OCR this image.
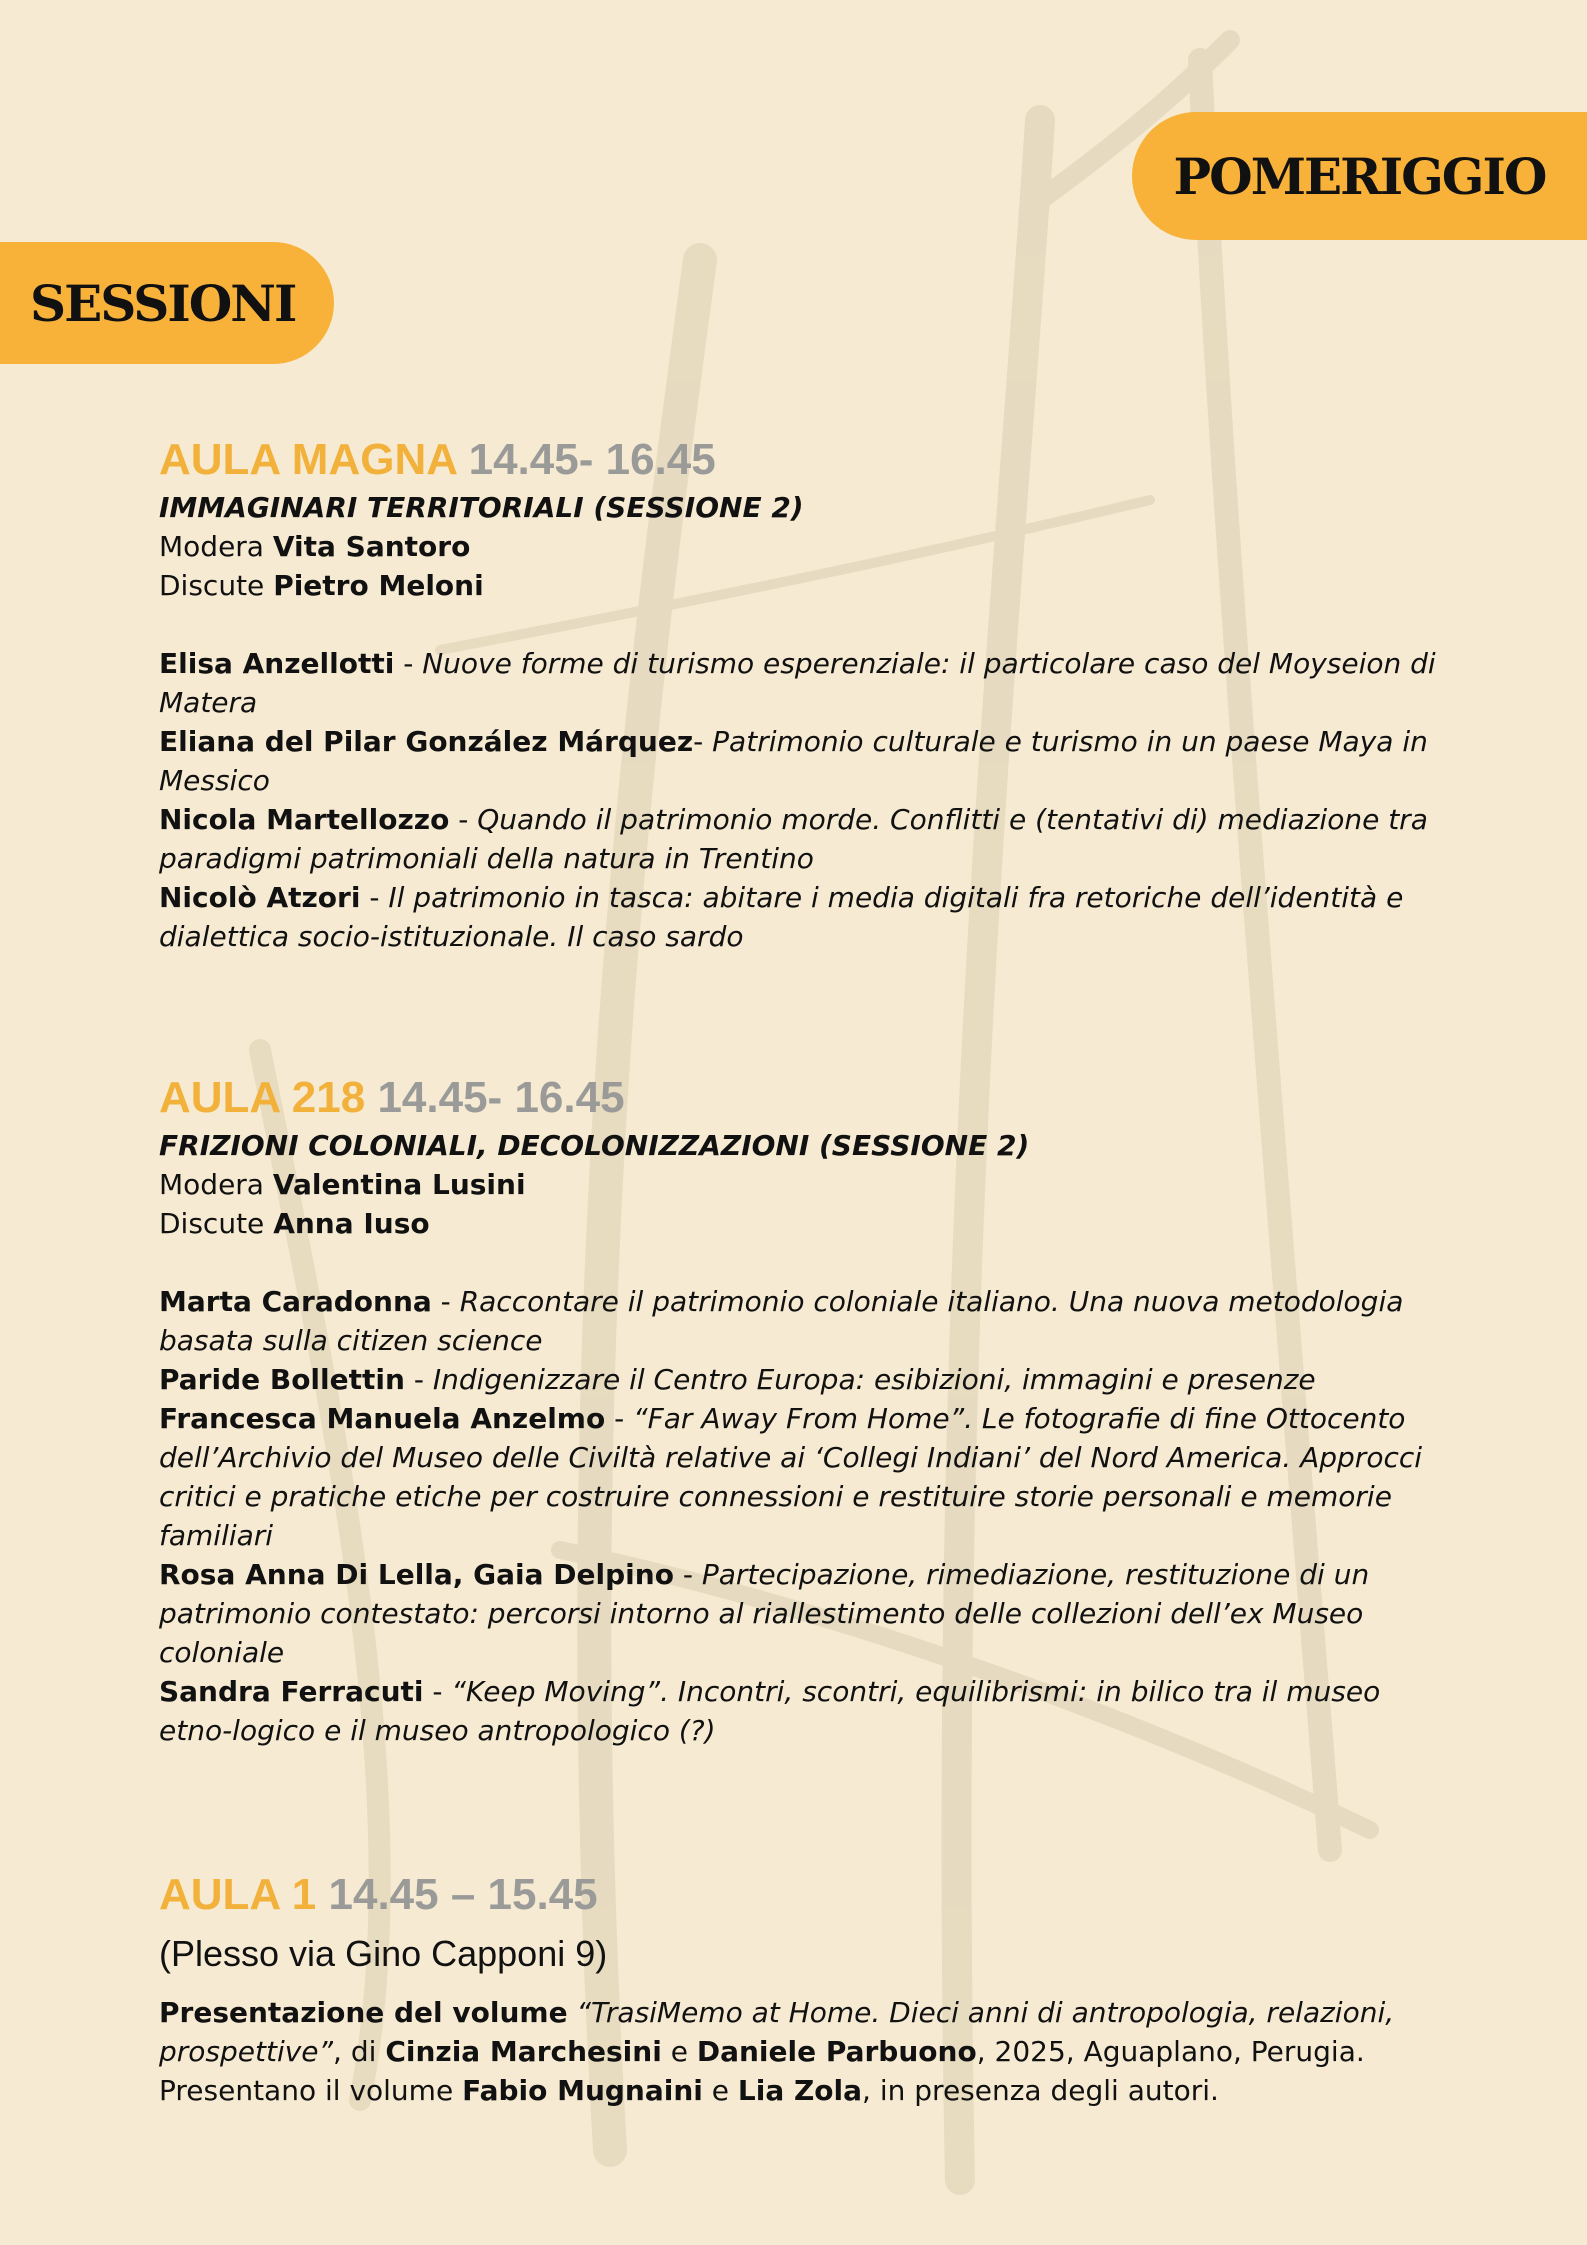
POMERIGGIO
SESSIONI
AULA MAGNA 14.45- 16.45
IMMAGINARI TERRITORIALI (SESSIONE 2)
Modera Vita Santoro
Discute Pietro Meloni
Elisa Anzellotti - Nuove forme di turismo esperenziale: il particolare caso del Moyseion di Matera
Eliana del Pilar González Márquez- Patrimonio culturale e turismo in un paese Maya in Messico
Nicola Martellozzo - Quando il patrimonio morde. Conflitti e (tentativi di) mediazione tra paradigmi patrimoniali della natura in Trentino
Nicolò Atzori - Il patrimonio in tasca: abitare i media digitali fra retoriche dell’identità e dialettica socio-istituzionale. Il caso sardo
AULA 218 14.45- 16.45
FRIZIONI COLONIALI, DECOLONIZZAZIONI (SESSIONE 2)
Modera Valentina Lusini
Discute Anna Iuso
Marta Caradonna - Raccontare il patrimonio coloniale italiano. Una nuova metodologia basata sulla citizen science
Paride Bollettin - Indigenizzare il Centro Europa: esibizioni, immagini e presenze
Francesca Manuela Anzelmo - “Far Away From Home”. Le fotografie di fine Ottocento dell’Archivio del Museo delle Civiltà relative ai ‘Collegi Indiani’ del Nord America. Approcci critici e pratiche etiche per costruire connessioni e restituire storie personali e memorie familiari
Rosa Anna Di Lella, Gaia Delpino - Partecipazione, rimediazione, restituzione di un patrimonio contestato: percorsi intorno al riallestimento delle collezioni dell’ex Museo coloniale
Sandra Ferracuti - “Keep Moving”. Incontri, scontri, equilibrismi: in bilico tra il museo etno-logico e il museo antropologico (?)
AULA 1 14.45 – 15.45
(Plesso via Gino Capponi 9)
Presentazione del volume “TrasiMemo at Home. Dieci anni di antropologia, relazioni, prospettive”, di Cinzia Marchesini e Daniele Parbuono, 2025, Aguaplano, Perugia. Presentano il volume Fabio Mugnaini e Lia Zola, in presenza degli autori.
